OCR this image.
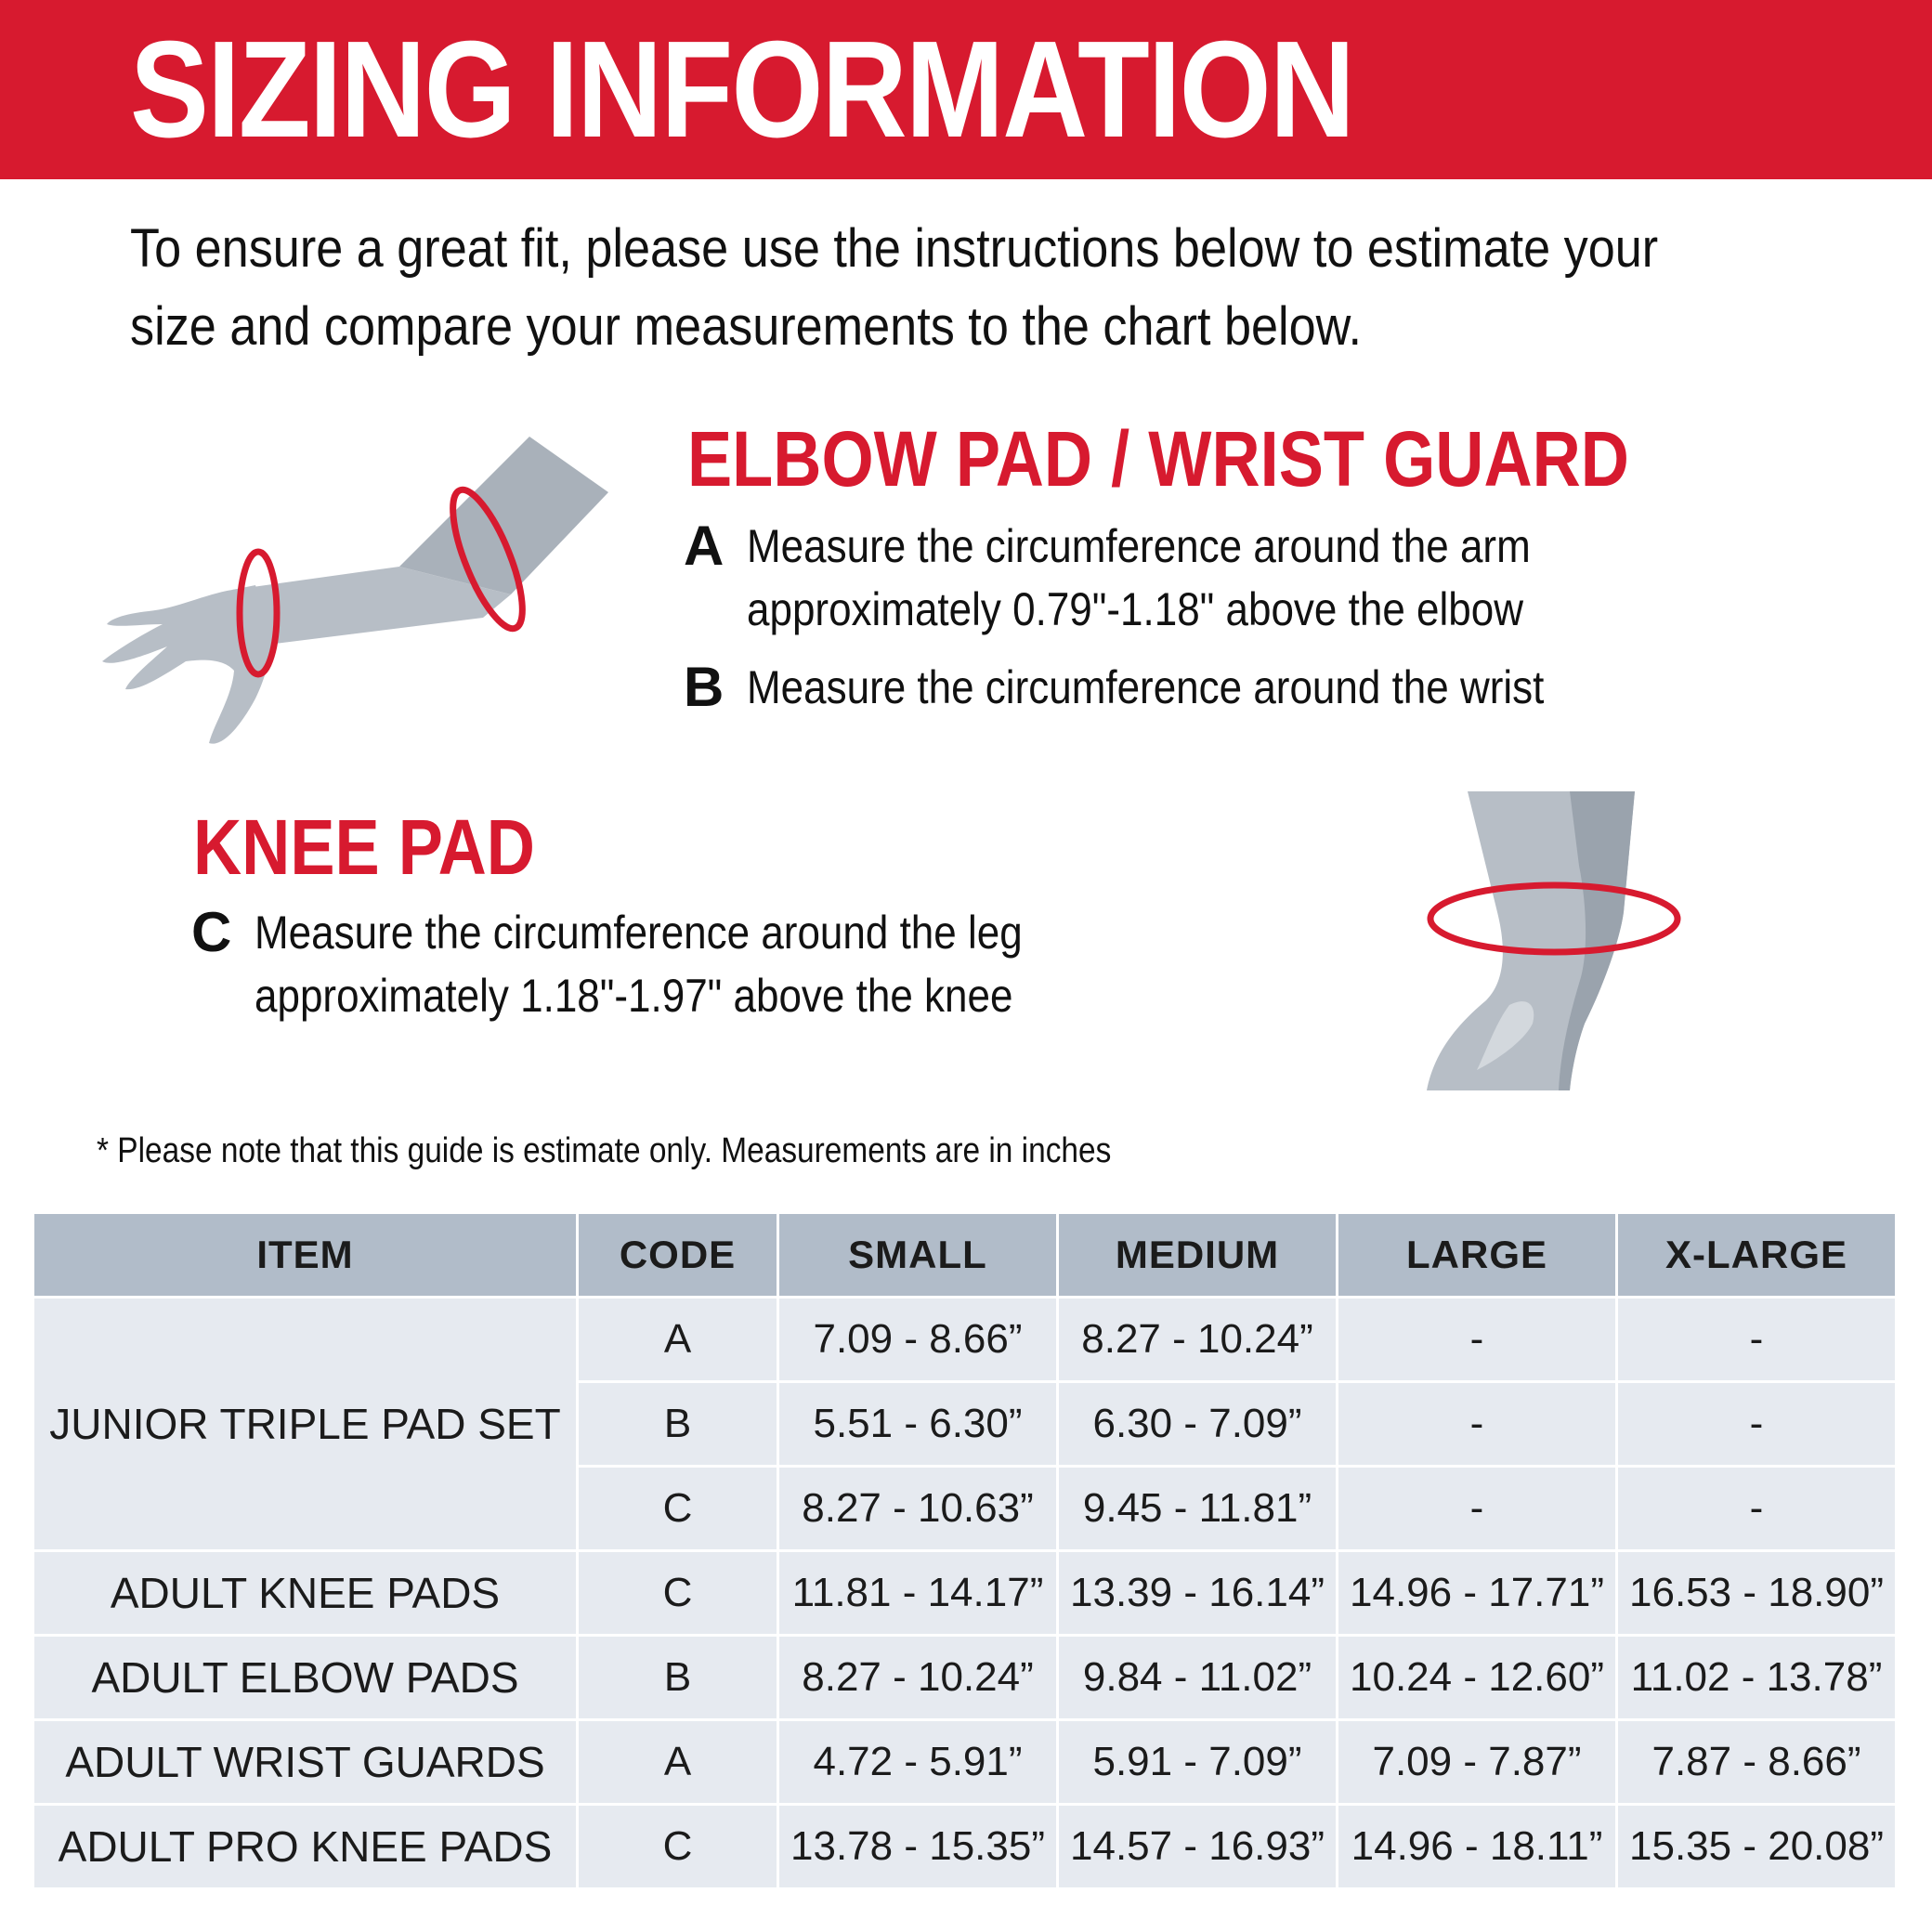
SIZING INFORMATION
To ensure a great fit, please use the instructions below to estimate your size and compare your measurements to the chart below.
ELBOW PAD / WRIST GUARD
A Measure the circumference around the arm approximately 0.79"-1.18" above the elbow
B Measure the circumference around the wrist
KNEE PAD
C Measure the circumference around the leg approximately 1.18"-1.97" above the knee
* Please note that this guide is estimate only. Measurements are in inches
ITEM	CODE	SMALL	MEDIUM	LARGE	X-LARGE
JUNIOR TRIPLE PAD SET	A	7.09 - 8.66”	8.27 - 10.24”	-	-
	B	5.51 - 6.30”	6.30 - 7.09”	-	-
	C	8.27 - 10.63”	9.45 - 11.81”	-	-
ADULT KNEE PADS	C	11.81 - 14.17”	13.39 - 16.14”	14.96 - 17.71”	16.53 - 18.90”
ADULT ELBOW PADS	B	8.27 - 10.24”	9.84 - 11.02”	10.24 - 12.60”	11.02 - 13.78”
ADULT WRIST GUARDS	A	4.72 - 5.91”	5.91 - 7.09”	7.09 - 7.87”	7.87 - 8.66”
ADULT PRO KNEE PADS	C	13.78 - 15.35”	14.57 - 16.93”	14.96 - 18.11”	15.35 - 20.08”
